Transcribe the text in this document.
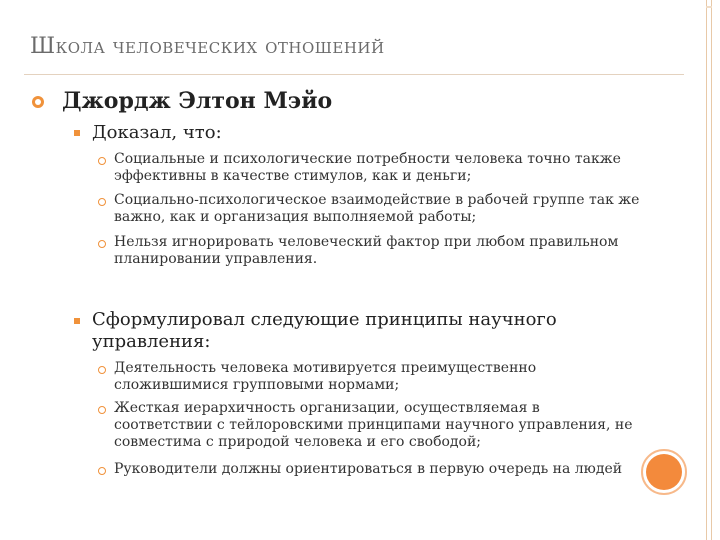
Школа человеческих отношений

Джордж Элтон Мэйо

Доказал, что:

Социальные и психологические потребности человека точно также эффективны в качестве стимулов, как и деньги;

Социально-психологическое взаимодействие в рабочей группе так же важно, как и организация выполняемой работы;

Нельзя игнорировать человеческий фактор при любом правильном планировании управления.

Сформулировал следующие принципы научного управления:

Деятельность человека мотивируется преимущественно сложившимися групповыми нормами;

Жесткая иерархичность организации, осуществляемая в соответствии с тейлоровскими принципами научного управления, не совместима с природой человека и его свободой;

Руководители должны ориентироваться в первую очередь на людей
